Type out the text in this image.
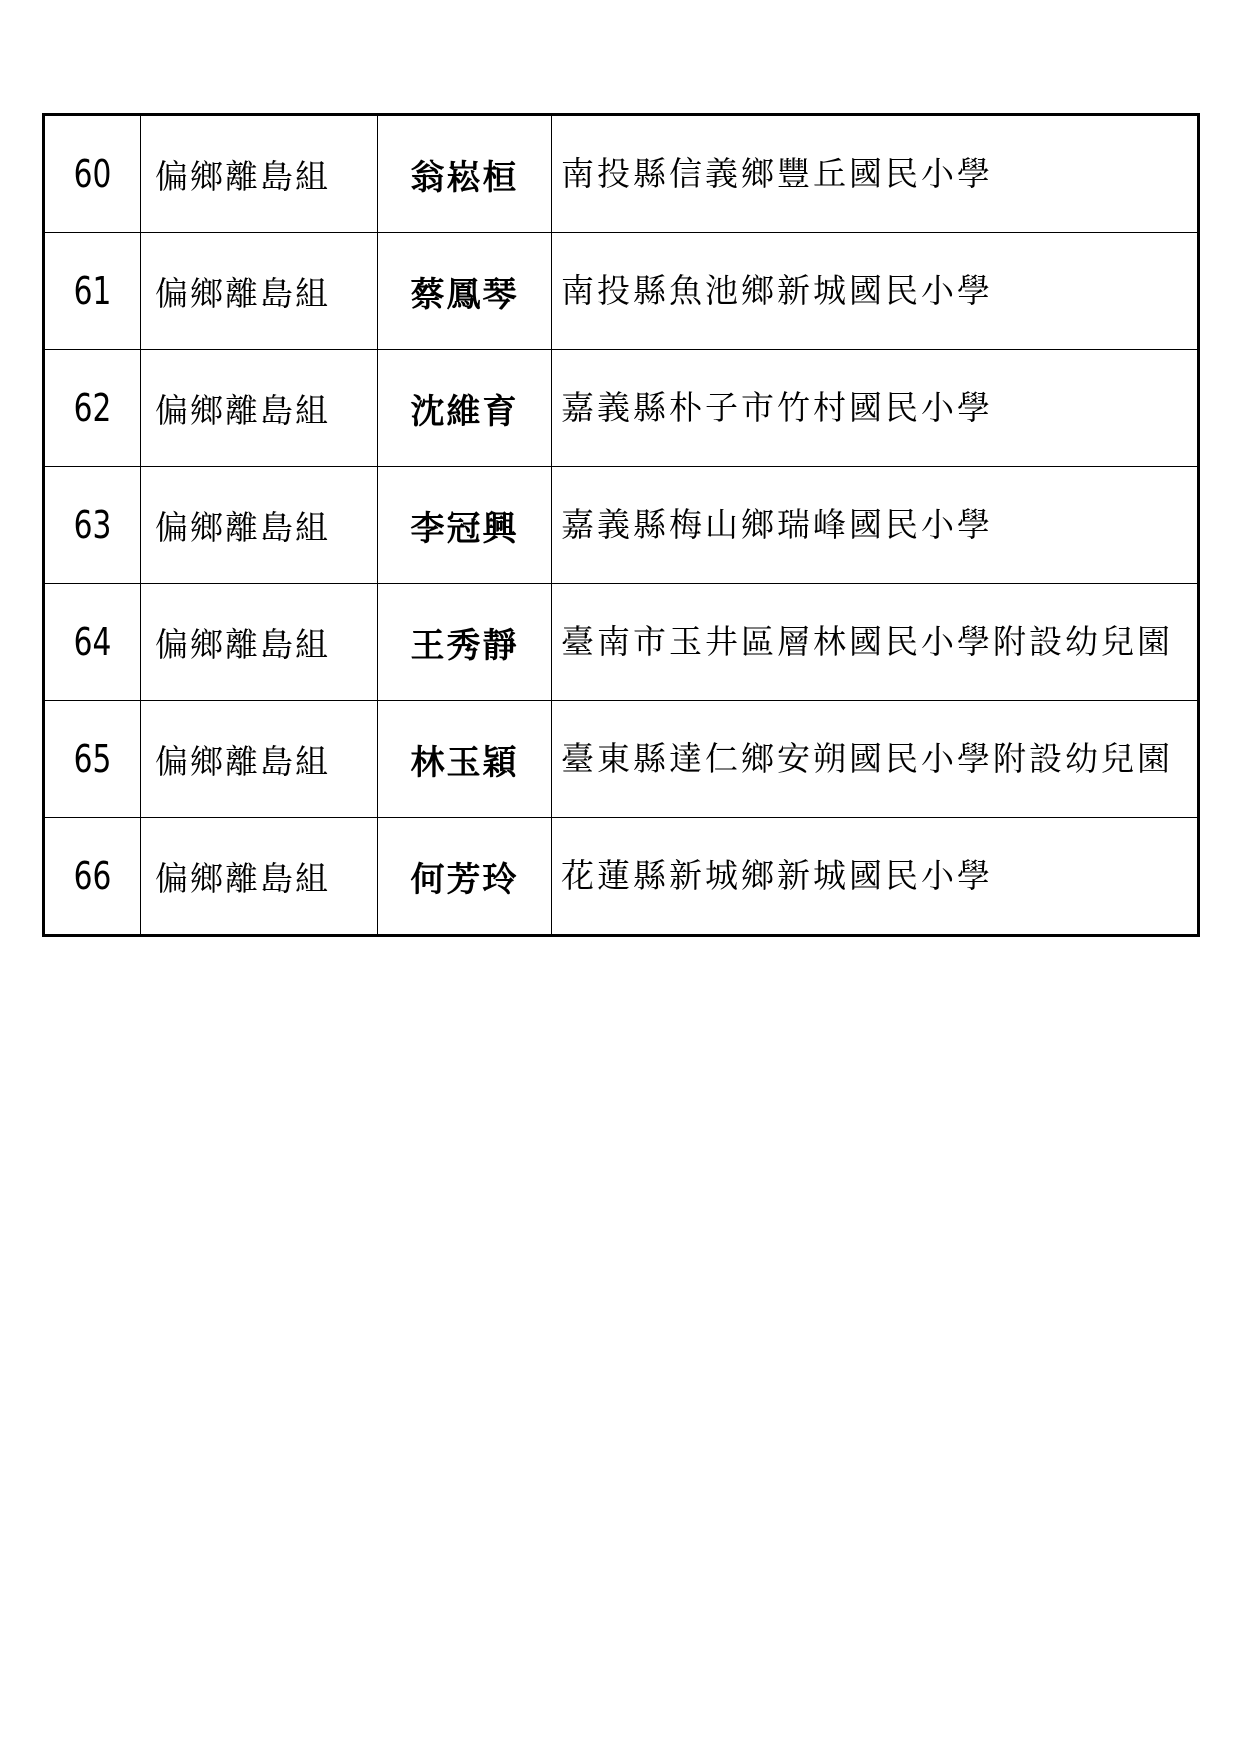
60	偏鄉離島組	翁崧桓	南投縣信義鄉豐丘國民小學

61	偏鄉離島組	蔡鳳琴	南投縣魚池鄉新城國民小學

62	偏鄉離島組	沈維育	嘉義縣朴子市竹村國民小學

63	偏鄉離島組	李冠興	嘉義縣梅山鄉瑞峰國民小學

64	偏鄉離島組	王秀靜	臺南市玉井區層林國民小學附設幼兒園

65	偏鄉離島組	林玉穎	臺東縣達仁鄉安朔國民小學附設幼兒園

66	偏鄉離島組	何芳玲	花蓮縣新城鄉新城國民小學
